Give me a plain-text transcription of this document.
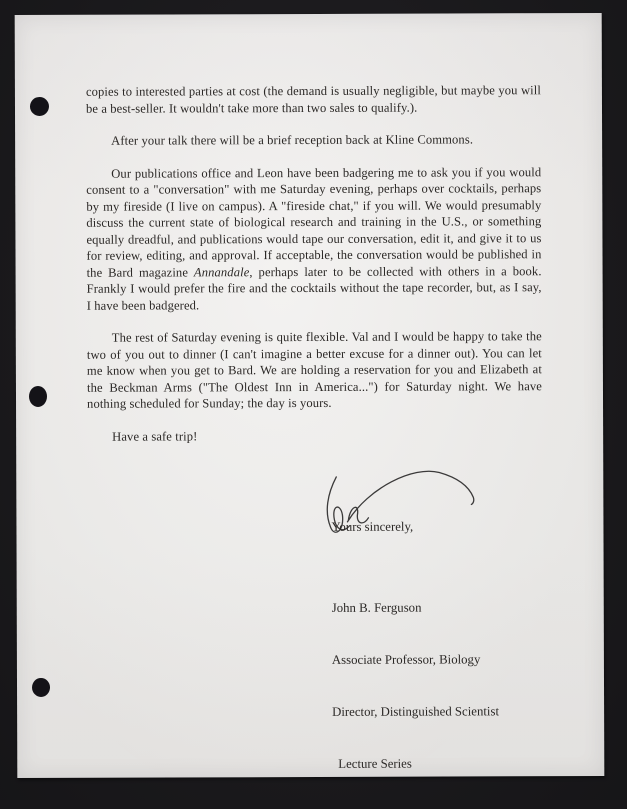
copies to interested parties at cost (the demand is usually negligible, but maybe you will be a best-seller. It wouldn't take more than two sales to qualify.).

After your talk there will be a brief reception back at Kline Commons.

Our publications office and Leon have been badgering me to ask you if you would consent to a "conversation" with me Saturday evening, perhaps over cocktails, perhaps by my fireside (I live on campus). A "fireside chat," if you will. We would presumably discuss the current state of biological research and training in the U.S., or something equally dreadful, and publications would tape our conversation, edit it, and give it to us for review, editing, and approval. If acceptable, the conversation would be published in the Bard magazine Annandale, perhaps later to be collected with others in a book. Frankly I would prefer the fire and the cocktails without the tape recorder, but, as I say, I have been badgered.

The rest of Saturday evening is quite flexible. Val and I would be happy to take the two of you out to dinner (I can't imagine a better excuse for a dinner out). You can let me know when you get to Bard. We are holding a reservation for you and Elizabeth at the Beckman Arms ("The Oldest Inn in America...") for Saturday night. We have nothing scheduled for Sunday; the day is yours.

Have a safe trip!

Yours sincerely,

John B. Ferguson

Associate Professor, Biology

Director, Distinguished Scientist

Lecture Series
